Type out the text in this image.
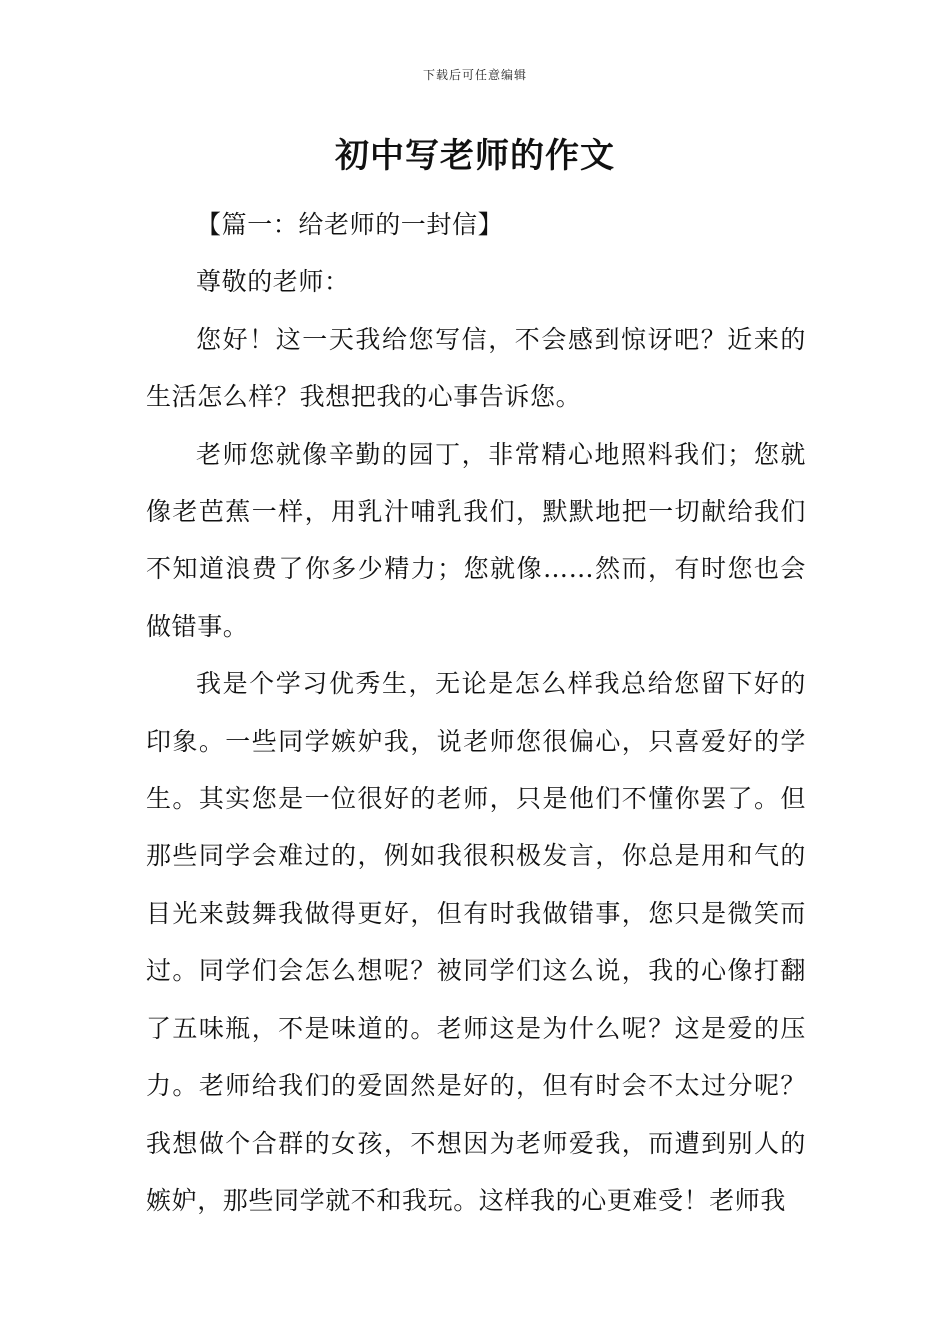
下载后可任意编辑
初中写老师的作文

【篇一：给老师的一封信】

尊敬的老师：

您好！这一天我给您写信，不会感到惊讶吧？近来的生活怎么样？我想把我的心事告诉您。

老师您就像辛勤的园丁，非常精心地照料我们；您就像老芭蕉一样，用乳汁哺乳我们，默默地把一切献给我们不知道浪费了你多少精力；您就像……然而，有时您也会做错事。

我是个学习优秀生，无论是怎么样我总给您留下好的印象。一些同学嫉妒我，说老师您很偏心，只喜爱好的学生。其实您是一位很好的老师，只是他们不懂你罢了。但那些同学会难过的，例如我很积极发言，你总是用和气的目光来鼓舞我做得更好，但有时我做错事，您只是微笑而过。同学们会怎么想呢？被同学们这么说，我的心像打翻了五味瓶，不是味道的。老师这是为什么呢？这是爱的压力。老师给我们的爱固然是好的，但有时会不太过分呢？我想做个合群的女孩，不想因为老师爱我，而遭到别人的嫉妒，那些同学就不和我玩。这样我的心更难受！老师我
